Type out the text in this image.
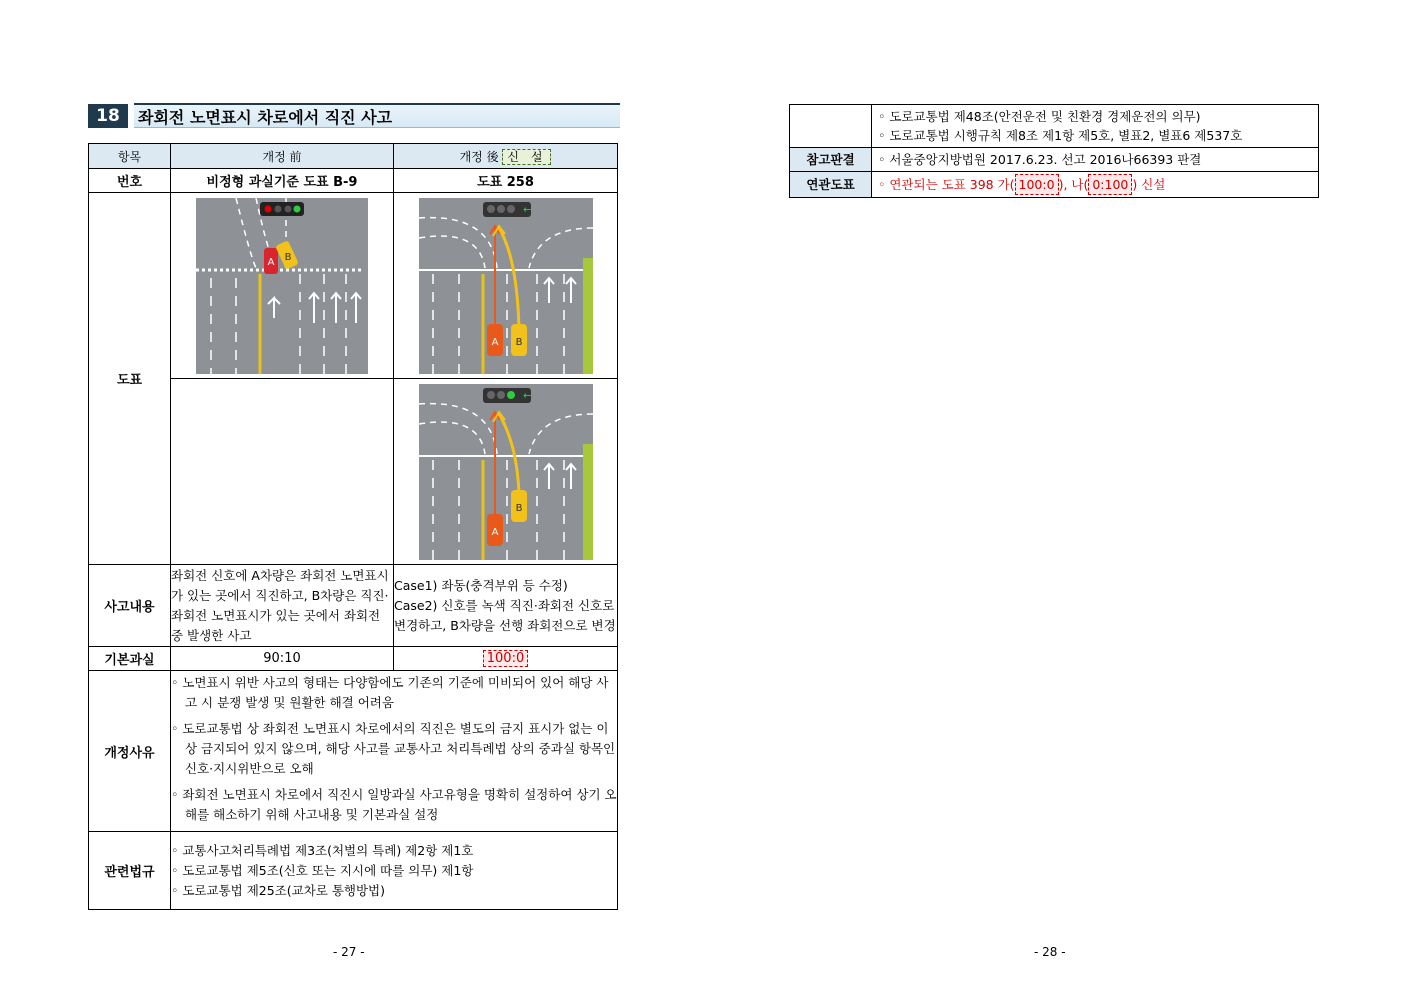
18	좌회전 노면표시 차로에서 직진 사고
항목	개정 前	개정 後 신 설
번호	비정형 과실기준 도표 B-9	도표 258
도표	A B	←
A B

←
A
B

사고내용	좌회전 신호에 A차량은 좌회전 노면표시가 있는 곳에서 직진하고, B차량은 직진·좌회전 노면표시가 있는 곳에서 좌회전 중 발생한 사고	Case1) 좌동(충격부위 등 수정)
Case2) 신호를 녹색 직진·좌회전 신호로 변경하고, B차량을 선행 좌회전으로 변경

기본과실	90:10	100:0
개정사유	◦ 노면표시 위반 사고의 형태는 다양함에도 기존의 기준에 미비되어 있어 해당 사고 시 분쟁 발생 및 원활한 해결 어려움
◦ 도로교통법 상 좌회전 노면표시 차로에서의 직진은 별도의 금지 표시가 없는 이상 금지되어 있지 않으며, 해당 사고를 교통사고 처리특례법 상의 중과실 항목인 신호·지시위반으로 오해
◦ 좌회전 노면표시 차로에서 직진시 일방과실 사고유형을 명확히 설정하여 상기 오해를 해소하기 위해 사고내용 및 기본과실 설정	

관련법규	◦ 교통사고처리특례법 제3조(처벌의 특례) 제2항 제1호
◦ 도로교통법 제5조(신호 또는 지시에 따를 의무) 제1항
◦ 도로교통법 제25조(교차로 통행방법)	

	◦ 도로교통법 제48조(안전운전 및 친환경 경제운전의 의무)
◦ 도로교통법 시행규칙 제8조 제1항 제5호, 별표2, 별표6 제537호

참고판결	◦ 서울중앙지방법원 2017.6.23. 선고 2016나66393 판결
연관도표	◦ 연관되는 도표 398 가( 100:0 ), 나( 0:100 ) 신설
- 27 -	- 28 -
